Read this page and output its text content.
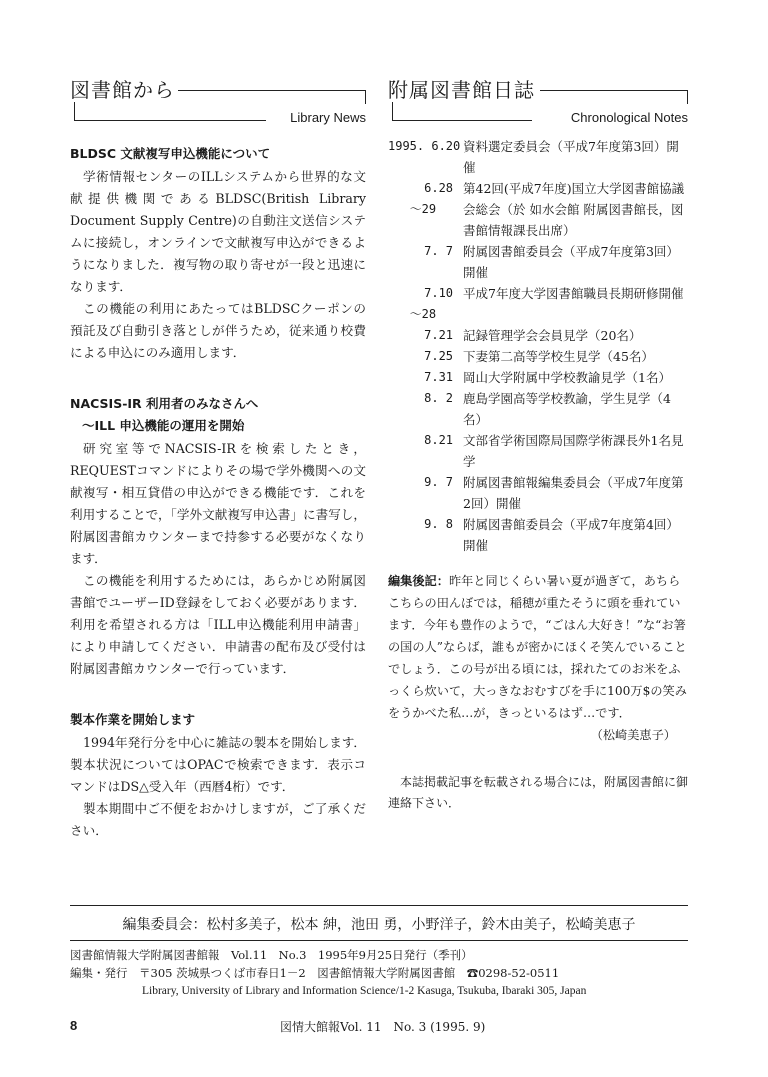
図書館から
Library News
BLDSC 文献複写申込機能について

学術情報センターのILLシステムから世界的な文献提供機関であるBLDSC(British Library Document Supply Centre)の自動注文送信システムに接続し，オンラインで文献複写申込ができるようになりました．複写物の取り寄せが一段と迅速になります．

この機能の利用にあたってはBLDSCクーポンの預託及び自動引き落としが伴うため，従来通り校費による申込にのみ適用します．

NACSIS-IR 利用者のみなさんへ
〜ILL 申込機能の運用を開始

研究室等でNACSIS-IRを検索したとき，REQUESTコマンドによりその場で学外機関への文献複写・相互貸借の申込ができる機能です．これを利用することで，「学外文献複写申込書」に書写し，附属図書館カウンターまで持参する必要がなくなります．

この機能を利用するためには，あらかじめ附属図書館でユーザーID登録をしておく必要があります．利用を希望される方は「ILL申込機能利用申請書」により申請してください．申請書の配布及び受付は附属図書館カウンターで行っています．

製本作業を開始します

1994年発行分を中心に雑誌の製本を開始します．製本状況についてはOPACで検索できます．表示コマンドはDS△受入年（西暦4桁）です．

製本期間中ご不便をおかけしますが，ご了承ください．

附属図書館日誌
Chronological Notes
1995. 6.20 資料選定委員会（平成7年度第3回）開催
6.28
〜29
第42回(平成7年度)国立大学図書館協議会総会（於 如水会館 附属図書館長，図書館情報課長出席）
7. 7 附属図書館委員会（平成7年度第3回）開催
7.10
〜28
平成7年度大学図書館職員長期研修開催
7.21 記録管理学会会員見学（20名）
7.25 下妻第二高等学校生見学（45名）
7.31 岡山大学附属中学校教諭見学（1名）
8. 2 鹿島学園高等学校教諭，学生見学（4名）
8.21 文部省学術国際局国際学術課長外1名見学
9. 7 附属図書館報編集委員会（平成7年度第2回）開催
9. 8 附属図書館委員会（平成7年度第4回）開催
編集後記：昨年と同じくらい暑い夏が過ぎて，あちらこちらの田んぼでは，稲穂が重たそうに頭を垂れています．今年も豊作のようで，“ごはん大好き！”な“お箸の国の人”ならば，誰もが密かにほくそ笑んでいることでしょう．この号が出る頃には，採れたてのお米をふっくら炊いて，大っきなおむすびを手に100万$の笑みをうかべた私…が，きっといるはず…です．
（松崎美恵子）
本誌掲載記事を転載される場合には，附属図書館に御連絡下さい．
編集委員会：松村多美子，松本 紳，池田 勇，小野洋子，鈴木由美子，松崎美恵子
図書館情報大学附属図書館報　Vol.11　No.3　1995年9月25日発行（季刊）
編集・発行　〒305 茨城県つくば市春日1－2　図書館情報大学附属図書館　☎0298-52-0511
Library, University of Library and Information Science/1-2 Kasuga, Tsukuba, Ibaraki 305, Japan
8	図情大館報Vol. 11　No. 3 (1995. 9)
